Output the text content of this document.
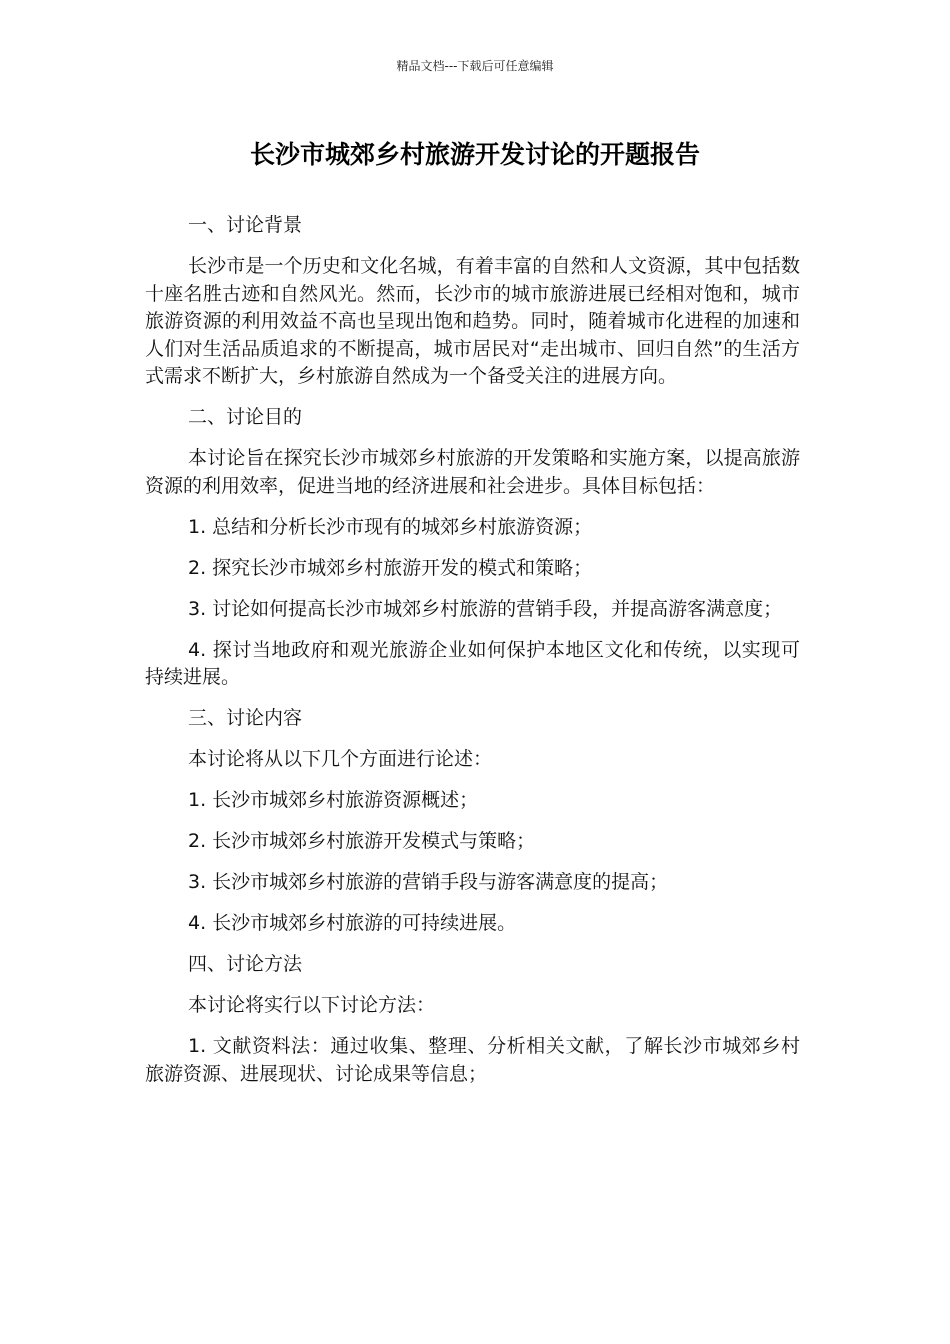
精品文档---下载后可任意编辑
长沙市城郊乡村旅游开发讨论的开题报告

一、讨论背景

长沙市是一个历史和文化名城，有着丰富的自然和人文资源，其中包括数十座名胜古迹和自然风光。然而，长沙市的城市旅游进展已经相对饱和，城市旅游资源的利用效益不高也呈现出饱和趋势。同时，随着城市化进程的加速和人们对生活品质追求的不断提高，城市居民对“走出城市、回归自然”的生活方式需求不断扩大，乡村旅游自然成为一个备受关注的进展方向。

二、讨论目的

本讨论旨在探究长沙市城郊乡村旅游的开发策略和实施方案，以提高旅游资源的利用效率，促进当地的经济进展和社会进步。具体目标包括：

1. 总结和分析长沙市现有的城郊乡村旅游资源；

2. 探究长沙市城郊乡村旅游开发的模式和策略；

3. 讨论如何提高长沙市城郊乡村旅游的营销手段，并提高游客满意度；

4. 探讨当地政府和观光旅游企业如何保护本地区文化和传统，以实现可持续进展。

三、讨论内容

本讨论将从以下几个方面进行论述：

1. 长沙市城郊乡村旅游资源概述；

2. 长沙市城郊乡村旅游开发模式与策略；

3. 长沙市城郊乡村旅游的营销手段与游客满意度的提高；

4. 长沙市城郊乡村旅游的可持续进展。

四、讨论方法

本讨论将实行以下讨论方法：

1. 文献资料法：通过收集、整理、分析相关文献，了解长沙市城郊乡村旅游资源、进展现状、讨论成果等信息；
